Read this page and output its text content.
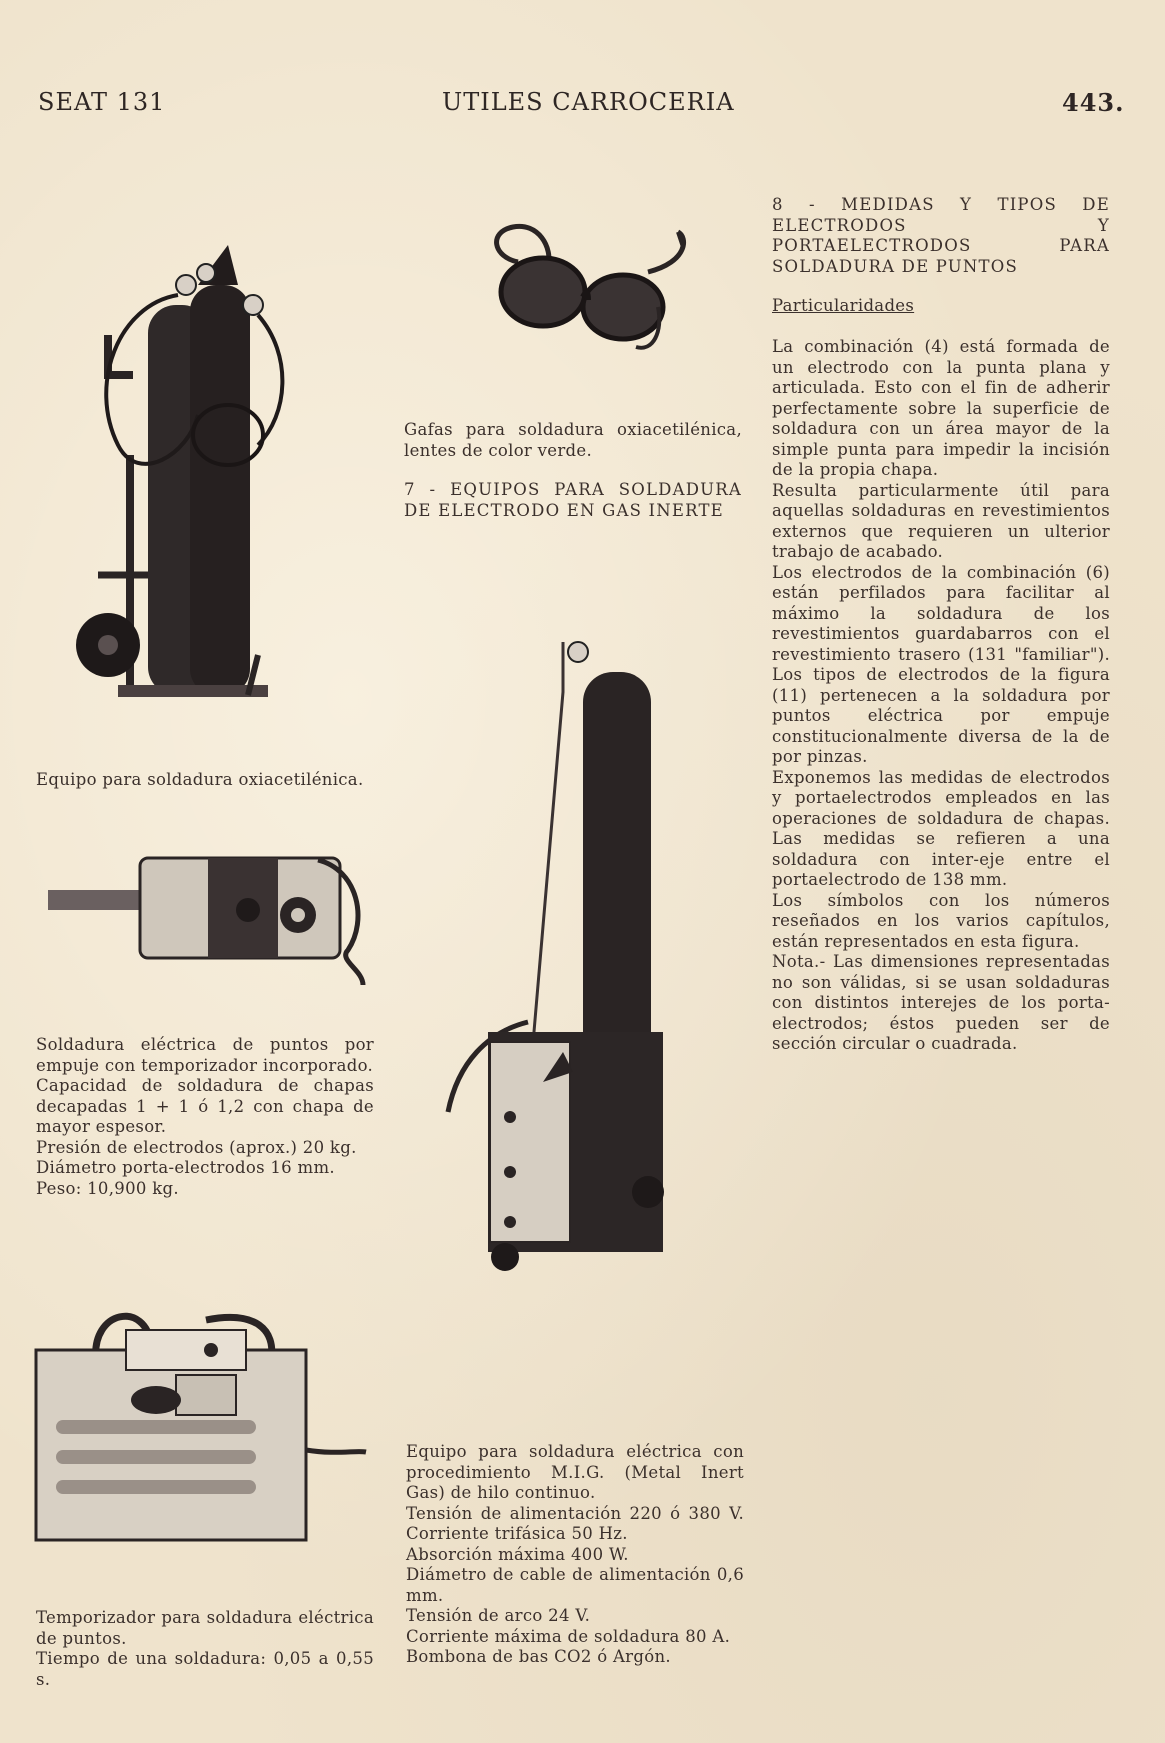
SEAT 131	UTILES CARROCERIA	443.
Gafas para soldadura oxiacetilénica, lentes de color verde.
7 - EQUIPOS PARA SOLDADURA DE ELECTRODO EN GAS INERTE
Equipo para soldadura oxiacetilénica.

Soldadura eléctrica de puntos por empuje con temporizador incorporado.

Capacidad de soldadura de chapas decapadas 1 + 1 ó 1,2 con chapa de mayor espesor.

Presión de electrodos (aprox.) 20 kg.

Diámetro porta-electrodos 16 mm.

Peso: 10,900 kg.

Temporizador para soldadura eléctrica de puntos.

Tiempo de una soldadura: 0,05 a 0,55 s.

Equipo para soldadura eléctrica con procedimiento M.I.G. (Metal Inert Gas) de hilo continuo.

Tensión de alimentación 220 ó 380 V. Corriente trifásica 50 Hz.

Absorción máxima 400 W.

Diámetro de cable de alimentación 0,6 mm.

Tensión de arco 24 V.

Corriente máxima de soldadura 80 A.

Bombona de bas CO2 ó Argón.

8 - MEDIDAS Y TIPOS DE ELECTRODOS Y PORTAELECTRODOS PARA SOLDADURA DE PUNTOS
Particularidades

La combinación (4) está formada de un electrodo con la punta plana y articulada. Esto con el fin de adherir perfectamente sobre la superficie de soldadura con un área mayor de la simple punta para impedir la incisión de la propia chapa.

Resulta particularmente útil para aquellas soldaduras en revestimientos externos que requieren un ulterior trabajo de acabado.

Los electrodos de la combinación (6) están perfilados para facilitar al máximo la soldadura de los revestimientos guardabarros con el revestimiento trasero (131 "familiar"). Los tipos de electrodos de la figura (11) pertenecen a la soldadura por puntos eléctrica por empuje constitucionalmente diversa de la de por pinzas.

Exponemos las medidas de electrodos y portaelectrodos empleados en las operaciones de soldadura de chapas. Las medidas se refieren a una soldadura con inter-eje entre el portaelectrodo de 138 mm.

Los símbolos con los números reseñados en los varios capítulos, están representados en esta figura.

Nota.- Las dimensiones representadas no son válidas, si se usan soldaduras con distintos interejes de los porta-electrodos; éstos pueden ser de sección circular o cuadrada.
